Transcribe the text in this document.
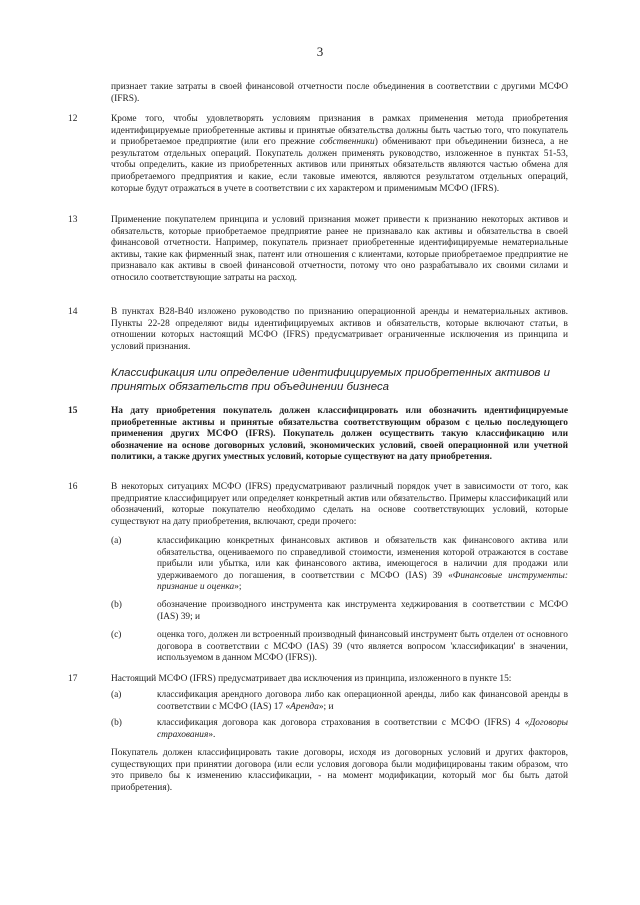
3
признает такие затраты в своей финансовой отчетности после объединения в соответствии с другими МСФО (IFRS).
12	Кроме того, чтобы удовлетворять условиям признания в рамках применения метода приобретения идентифицируемые приобретенные активы и принятые обязательства должны быть частью того, что покупатель и приобретаемое предприятие (или его прежние собственники) обменивают при объединении бизнеса, а не результатом отдельных операций. Покупатель должен применять руководство, изложенное в пунктах 51-53, чтобы определить, какие из приобретенных активов или принятых обязательств являются частью обмена для приобретаемого предприятия и какие, если таковые имеются, являются результатом отдельных операций, которые будут отражаться в учете в соответствии с их характером и применимым МСФО (IFRS).
13	Применение покупателем принципа и условий признания может привести к признанию некоторых активов и обязательств, которые приобретаемое предприятие ранее не признавало как активы и обязательства в своей финансовой отчетности. Например, покупатель признает приобретенные идентифицируемые нематериальные активы, такие как фирменный знак, патент или отношения с клиентами, которые приобретаемое предприятие не признавало как активы в своей финансовой отчетности, потому что оно разрабатывало их своими силами и относило соответствующие затраты на расход.
14	В пунктах B28-B40 изложено руководство по признанию операционной аренды и нематериальных активов. Пункты 22-28 определяют виды идентифицируемых активов и обязательств, которые включают статьи, в отношении которых настоящий МСФО (IFRS) предусматривает ограниченные исключения из принципа и условий признания.
Классификация или определение идентифицируемых приобретенных активов и принятых обязательств при объединении бизнеса
15	На дату приобретения покупатель должен классифицировать или обозначить идентифицируемые приобретенные активы и принятые обязательства соответствующим образом с целью последующего применения других МСФО (IFRS). Покупатель должен осуществить такую классификацию или обозначение на основе договорных условий, экономических условий, своей операционной или учетной политики, а также других уместных условий, которые существуют на дату приобретения.
16	В некоторых ситуациях МСФО (IFRS) предусматривают различный порядок учет в зависимости от того, как предприятие классифицирует или определяет конкретный актив или обязательство. Примеры классификаций или обозначений, которые покупателю необходимо сделать на основе соответствующих условий, которые существуют на дату приобретения, включают, среди прочего:
(a)	классификацию конкретных финансовых активов и обязательств как финансового актива или обязательства, оцениваемого по справедливой стоимости, изменения которой отражаются в составе прибыли или убытка, или как финансового актива, имеющегося в наличии для продажи или удерживаемого до погашения, в соответствии с МСФО (IAS) 39 «Финансовые инструменты: признание и оценка»;
(b)	обозначение производного инструмента как инструмента хеджирования в соответствии с МСФО (IAS) 39; и
(c)	оценка того, должен ли встроенный производный финансовый инструмент быть отделен от основного договора в соответствии с МСФО (IAS) 39 (что является вопросом 'классификации' в значении, используемом в данном МСФО (IFRS)).
17	Настоящий МСФО (IFRS) предусматривает два исключения из принципа, изложенного в пункте 15:
(a)	классификация арендного договора либо как операционной аренды, либо как финансовой аренды в соответствии с МСФО (IAS) 17 «Аренда»; и
(b)	классификация договора как договора страхования в соответствии с МСФО (IFRS) 4 «Договоры страхования».
Покупатель должен классифицировать такие договоры, исходя из договорных условий и других факторов, существующих при принятии договора (или если условия договора были модифицированы таким образом, что это привело бы к изменению классификации, - на момент модификации, который мог бы быть датой приобретения).
